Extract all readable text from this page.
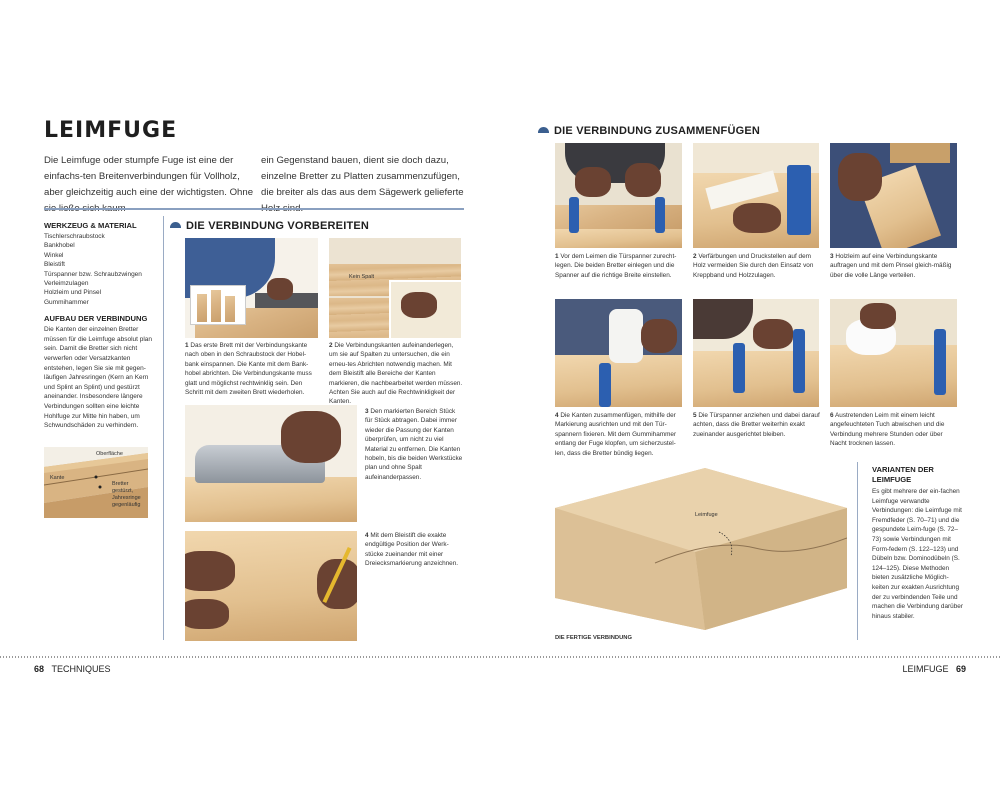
LEIMFUGE

Die Leimfuge oder stumpfe Fuge ist eine der einfachs-ten Breitenverbindungen für Vollholz, aber gleichzeitig auch eine der wichtigsten. Ohne

ein Gegenstand bauen, dient sie doch dazu, einzelne Bretter zu Platten zusammenzufügen, die breiter als das aus dem Sägewerk gelieferte

WERKZEUG & MATERIAL
Tischlerschraubstock
Bankhobel
Winkel
Bleistift
Türspanner bzw. Schraubzwingen
Verleimzulagen
Holzleim und Pinsel
Gummihammer
AUFBAU DER VERBINDUNG

Die Kanten der einzelnen Bretter müssen für die Leimfuge absolut plan sein. Damit die Bretter sich nicht verwerfen oder Versatzkanten entstehen, legen Sie sie mit gegen-läufigen Jahresringen (Kern an Kern und Splint an Splint) und gestürzt aneinander. Insbesondere längere Verbindungen sollten eine leichte Hohlfuge zur Mitte hin haben, um Schwundschäden zu verhindern.

Oberfläche
Kante
Bretter gestürzt, Jahresringe gegenläufig
DIE VERBINDUNG VORBEREITEN
Kein Spalt

1 Das erste Brett mit der Verbindungskante nach oben in den Schraubstock der Hobel-bank einspannen. Die Kante mit dem Bank-hobel abrichten. Die Verbindungskante muss glatt und möglichst rechtwinklig sein. Den Schritt mit dem zweiten Brett wiederholen.

2 Die Verbindungskanten aufeinanderlegen, um sie auf Spalten zu untersuchen, die ein erneu-tes Abrichten notwendig machen. Mit dem Bleistift alle Bereiche der Kanten markieren, die nachbearbeitet werden müssen. Achten Sie auch auf die Rechtwinkligkeit der Kanten.

3 Den markierten Bereich Stück für Stück abtragen. Dabei immer wieder die Passung der Kanten überprüfen, um nicht zu viel Material zu entfernen. Die Kanten hobeln, bis die beiden Werkstücke plan und ohne Spalt aufeinanderpassen.

4 Mit dem Bleistift die exakte endgültige Position der Werk-stücke zueinander mit einer Dreiecksmarkierung anzeichnen.

DIE VERBINDUNG ZUSAMMENFÜGEN

1 Vor dem Leimen die Türspanner zurecht-legen. Die beiden Bretter einlegen und die Spanner auf die richtige Breite einstellen.

2 Verfärbungen und Druckstellen auf dem Holz vermeiden Sie durch den Einsatz von Kreppband und Holzzulagen.

3 Holzleim auf eine Verbindungskante auftragen und mit dem Pinsel gleich-mäßig über die volle Länge verteilen.

4 Die Kanten zusammenfügen, mithilfe der Markierung ausrichten und mit den Tür-spannern fixieren. Mit dem Gummihammer entlang der Fuge klopfen, um sicherzustel-len, dass die Bretter bündig liegen.

5 Die Türspanner anziehen und dabei darauf achten, dass die Bretter weiterhin exakt zueinander ausgerichtet bleiben.

6 Austretenden Leim mit einem leicht angefeuchteten Tuch abwischen und die Verbindung mehrere Stunden oder über Nacht trocknen lassen.

Leimfuge
DIE FERTIGE VERBINDUNG
VARIANTEN DER LEIMFUGE

Es gibt mehrere der ein-fachen Leimfuge verwandte Verbindungen: die Leimfuge mit Fremdfeder (S. 70–71) und die gespundete Leim-fuge (S. 72–73) sowie Verbindungen mit Form-federn (S. 122–123) und Dübeln bzw. Dominodübeln (S. 124–125). Diese Methoden bieten zusätzliche Möglich-keiten zur exakten Ausrichtung der zu verbindenden Teile und machen die Verbindung darüber hinaus stabiler.

68 TECHNIQUES	LEIMFUGE 69
